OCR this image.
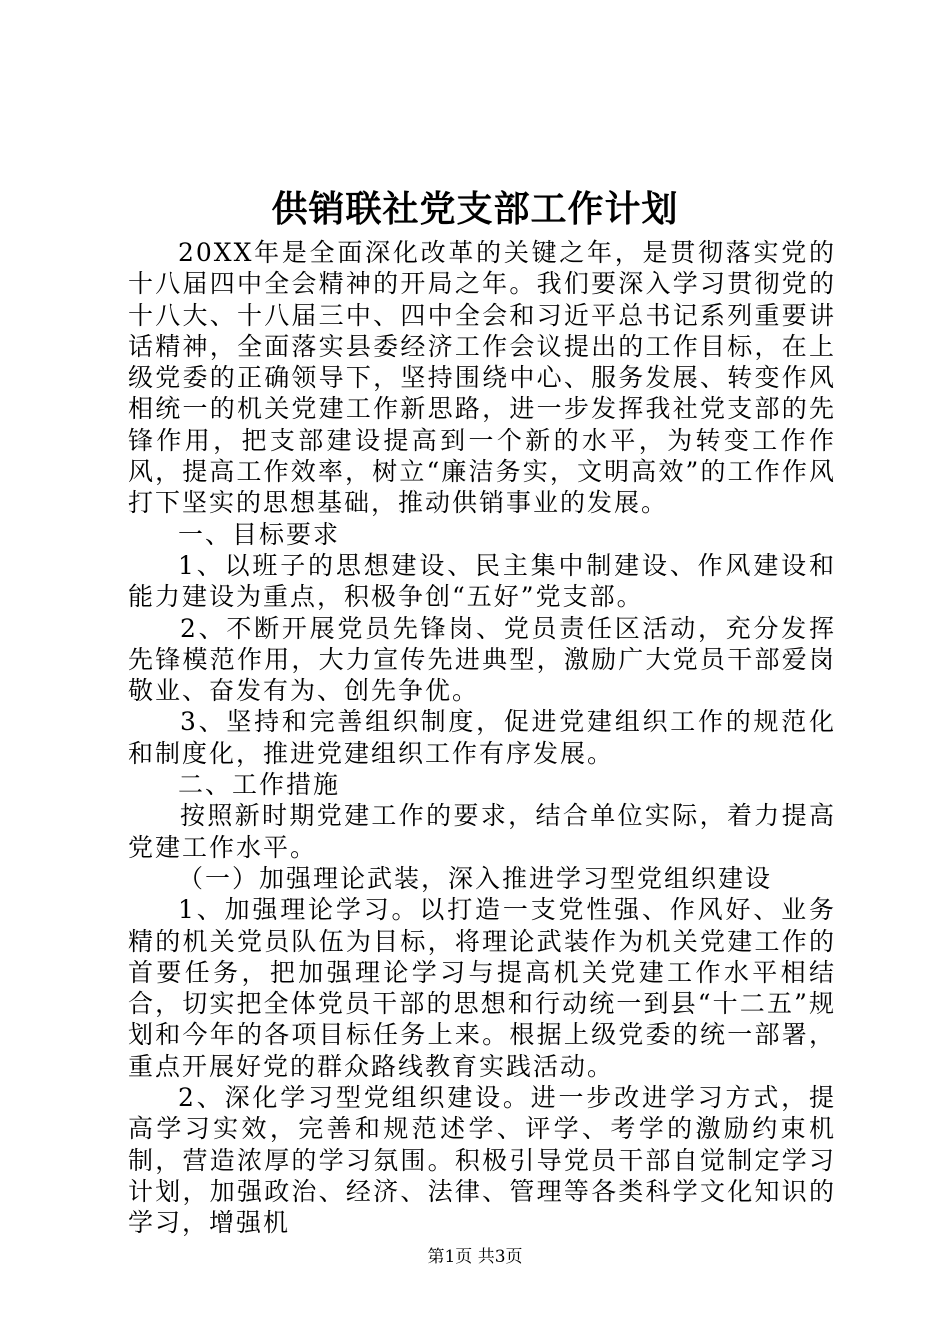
供销联社党支部工作计划

20XX年是全面深化改革的关键之年，是贯彻落实党的十八届四中全会精神的开局之年。我们要深入学习贯彻党的十八大、十八届三中、四中全会和习近平总书记系列重要讲话精神，全面落实县委经济工作会议提出的工作目标，在上级党委的正确领导下，坚持围绕中心、服务发展、转变作风相统一的机关党建工作新思路，进一步发挥我社党支部的先锋作用，把支部建设提高到一个新的水平，为转变工作作风，提高工作效率，树立“廉洁务实，文明高效”的工作作风打下坚实的思想基础，推动供销事业的发展。

一、目标要求

1、以班子的思想建设、民主集中制建设、作风建设和能力建设为重点，积极争创“五好”党支部。

2、不断开展党员先锋岗、党员责任区活动，充分发挥先锋模范作用，大力宣传先进典型，激励广大党员干部爱岗敬业、奋发有为、创先争优。

3、坚持和完善组织制度，促进党建组织工作的规范化和制度化，推进党建组织工作有序发展。

二、工作措施

按照新时期党建工作的要求，结合单位实际，着力提高党建工作水平。

（一）加强理论武装，深入推进学习型党组织建设

1、加强理论学习。以打造一支党性强、作风好、业务精的机关党员队伍为目标，将理论武装作为机关党建工作的首要任务，把加强理论学习与提高机关党建工作水平相结合，切实把全体党员干部的思想和行动统一到县“十二五”规划和今年的各项目标任务上来。根据上级党委的统一部署，重点开展好党的群众路线教育实践活动。

2、深化学习型党组织建设。进一步改进学习方式，提高学习实效，完善和规范述学、评学、考学的激励约束机制，营造浓厚的学习氛围。积极引导党员干部自觉制定学习计划，加强政治、经济、法律、管理等各类科学文化知识的学习，增强机

第1页 共3页
